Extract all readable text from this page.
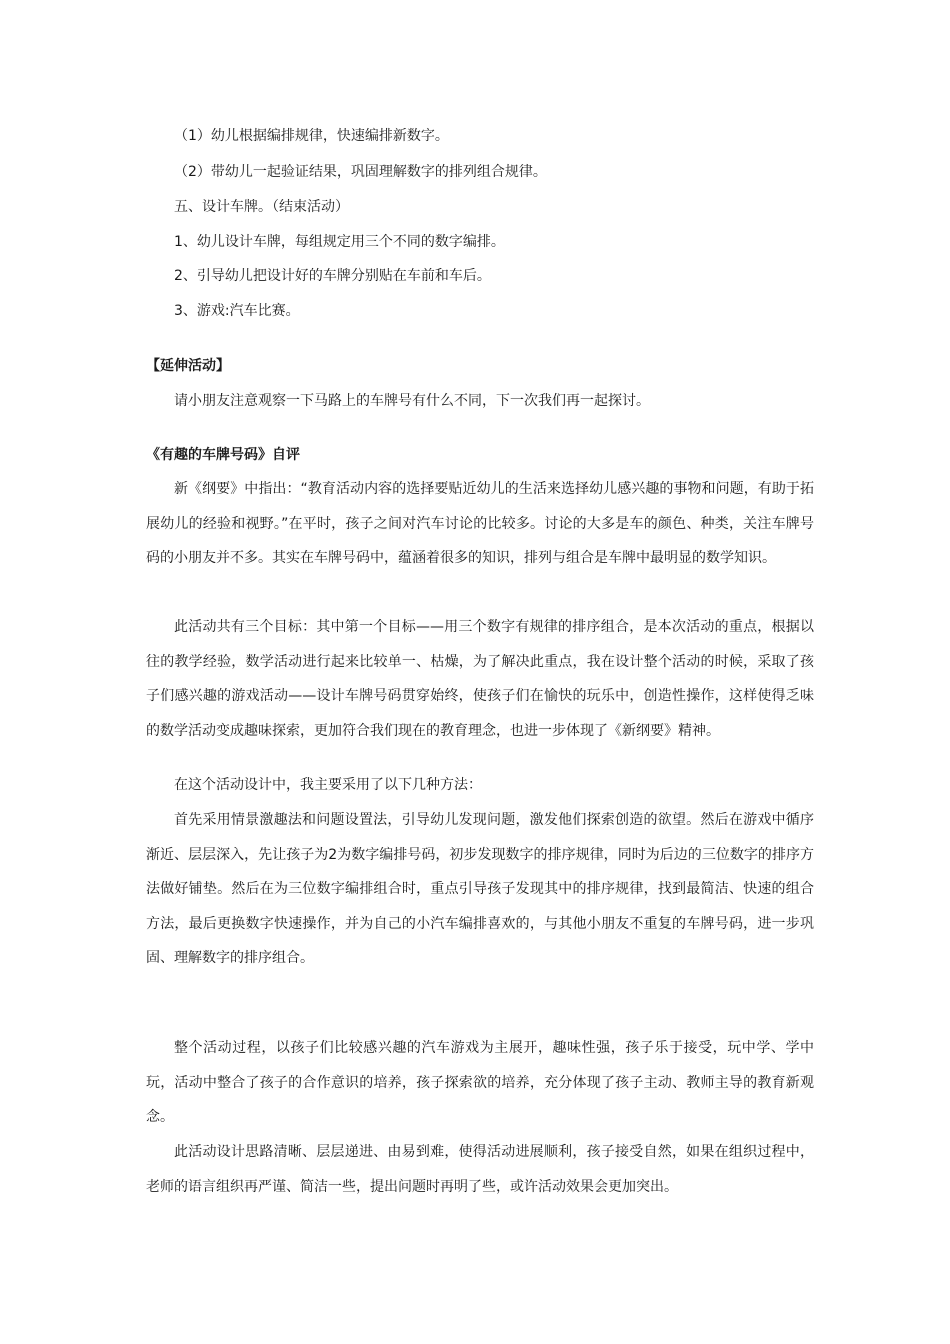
（1）幼儿根据编排规律，快速编排新数字。
（2）带幼儿一起验证结果，巩固理解数字的排列组合规律。
五、设计车牌。（结束活动）
1、幼儿设计车牌，每组规定用三个不同的数字编排。
2、引导幼儿把设计好的车牌分别贴在车前和车后。
3、游戏:汽车比赛。
【延伸活动】
请小朋友注意观察一下马路上的车牌号有什么不同，下一次我们再一起探讨。
《有趣的车牌号码》自评

新《纲要》中指出：“教育活动内容的选择要贴近幼儿的生活来选择幼儿感兴趣的事物和问题，有助于拓展幼儿的经验和视野。”在平时，孩子之间对汽车讨论的比较多。讨论的大多是车的颜色、种类，关注车牌号码的小朋友并不多。其实在车牌号码中，蕴涵着很多的知识，排列与组合是车牌中最明显的数学知识。

此活动共有三个目标：其中第一个目标——用三个数字有规律的排序组合，是本次活动的重点，根据以往的教学经验，数学活动进行起来比较单一、枯燥，为了解决此重点，我在设计整个活动的时候，采取了孩子们感兴趣的游戏活动——设计车牌号码贯穿始终，使孩子们在愉快的玩乐中，创造性操作，这样使得乏味的数学活动变成趣味探索，更加符合我们现在的教育理念，也进一步体现了《新纲要》精神。

在这个活动设计中，我主要采用了以下几种方法：

首先采用情景激趣法和问题设置法，引导幼儿发现问题，激发他们探索创造的欲望。然后在游戏中循序渐近、层层深入，先让孩子为2为数字编排号码，初步发现数字的排序规律，同时为后边的三位数字的排序方法做好铺垫。然后在为三位数字编排组合时，重点引导孩子发现其中的排序规律，找到最简洁、快速的组合方法，最后更换数字快速操作，并为自己的小汽车编排喜欢的，与其他小朋友不重复的车牌号码，进一步巩固、理解数字的排序组合。

整个活动过程，以孩子们比较感兴趣的汽车游戏为主展开，趣味性强，孩子乐于接受，玩中学、学中玩，活动中整合了孩子的合作意识的培养，孩子探索欲的培养，充分体现了孩子主动、教师主导的教育新观念。

此活动设计思路清晰、层层递进、由易到难，使得活动进展顺利，孩子接受自然，如果在组织过程中，老师的语言组织再严谨、简洁一些，提出问题时再明了些，或许活动效果会更加突出。
